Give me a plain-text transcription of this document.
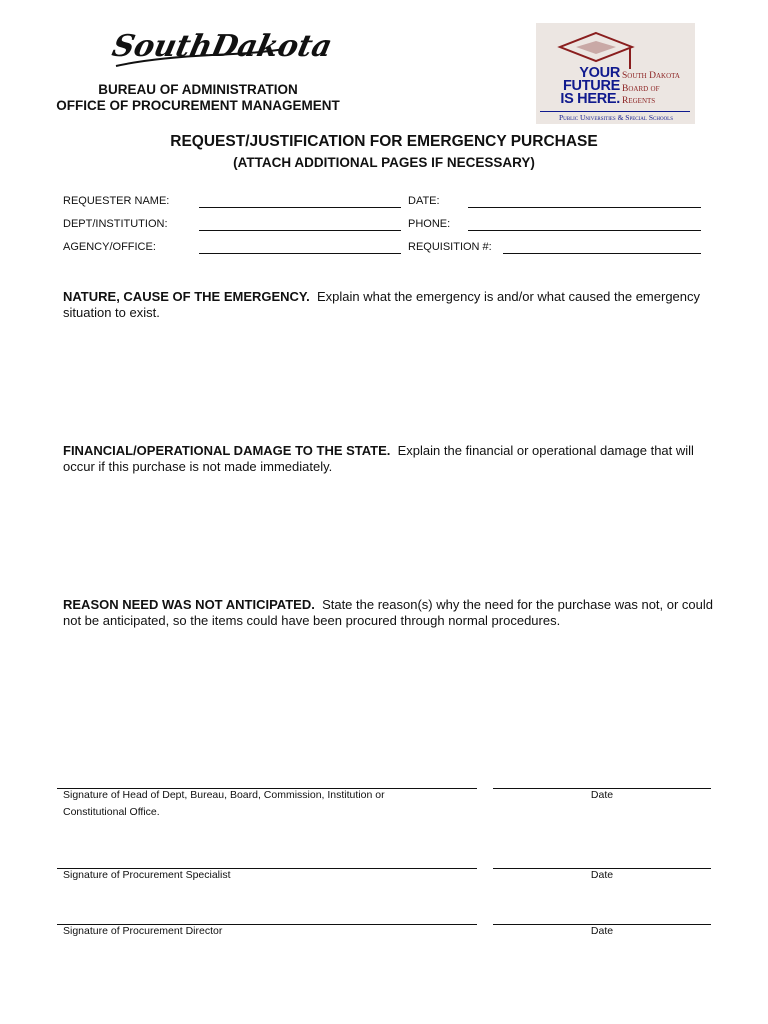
SouthDakota
BUREAU OF ADMINISTRATION
OFFICE OF PROCUREMENT MANAGEMENT
YOUR
FUTURE
IS HERE.
South Dakota
Board of
Regents
Public Universities & Special Schools
REQUEST/JUSTIFICATION FOR EMERGENCY PURCHASE
(ATTACH ADDITIONAL PAGES IF NECESSARY)
REQUESTER NAME:	DATE:
DEPT/INSTITUTION:	PHONE:
AGENCY/OFFICE:	REQUISITION #:
NATURE, CAUSE OF THE EMERGENCY. Explain what the emergency is and/or what caused the emergency situation to exist.
FINANCIAL/OPERATIONAL DAMAGE TO THE STATE. Explain the financial or operational damage that will occur if this purchase is not made immediately.
REASON NEED WAS NOT ANTICIPATED. State the reason(s) why the need for the purchase was not, or could not be anticipated, so the items could have been procured through normal procedures.
Signature of Head of Dept, Bureau, Board, Commission, Institution or
Constitutional Office.
Date
Signature of Procurement Specialist	Date
Signature of Procurement Director	Date
